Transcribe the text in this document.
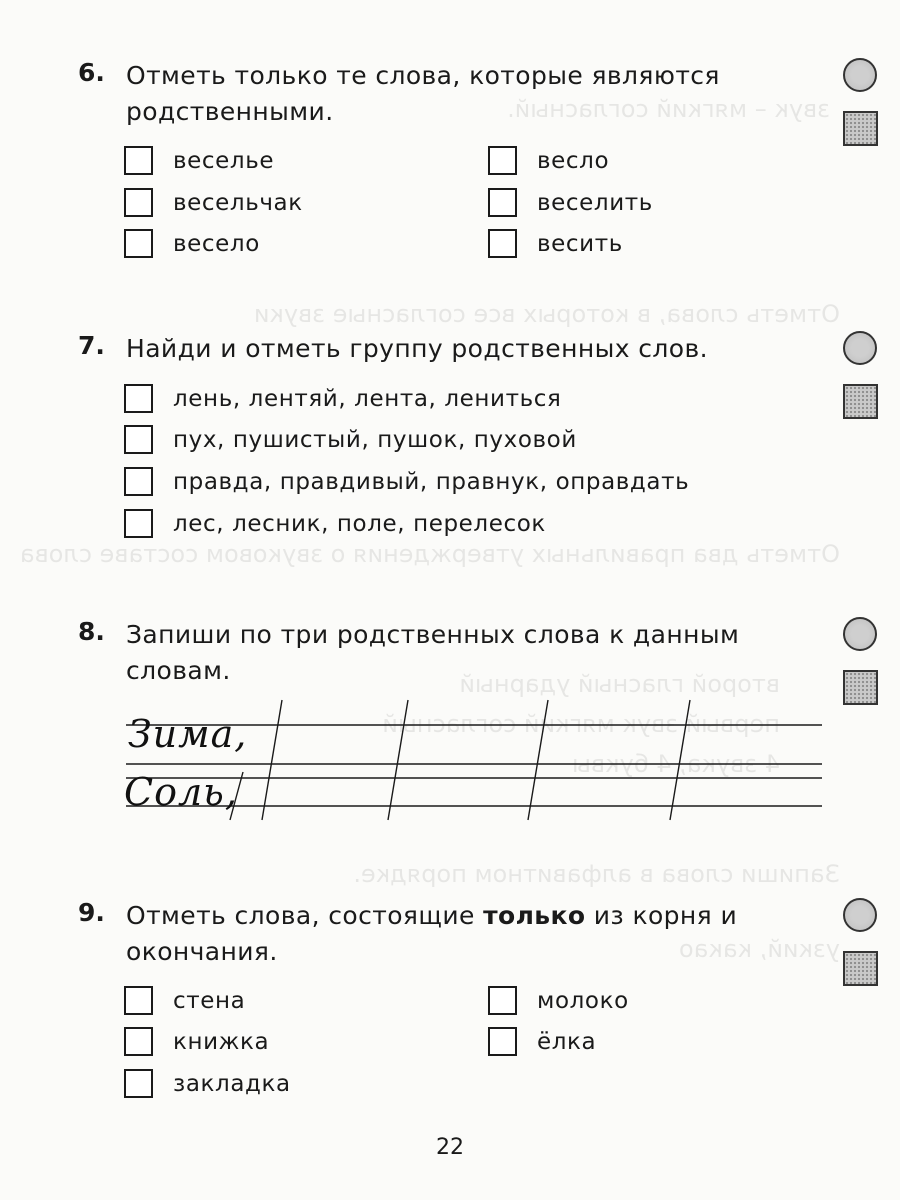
звук – мягкий согласный.
Отметь слова, в которых все согласные звуки
Отметь два правильных утверждения о звуковом составе слова
второй гласный ударный
первый звук мягкий согласный
4 звука, 4 буквы
Запиши слова в алфавитном порядке.
узкий, какао
6. Отметь только те слова, которые являются родственными.
веселье
весельчак
весело
весло
веселить
весить
7. Найди и отметь группу родственных слов.
лень, лентяй, лента, лениться
пух, пушистый, пушок, пуховой
правда, правдивый, правнук, оправдать
лес, лесник, поле, перелесок
8. Запиши по три родственных слова к данным словам.
Зима,
Соль,
9. Отметь слова, состоящие только из корня и окончания.
стена
книжка
закладка
молоко
ёлка
22
